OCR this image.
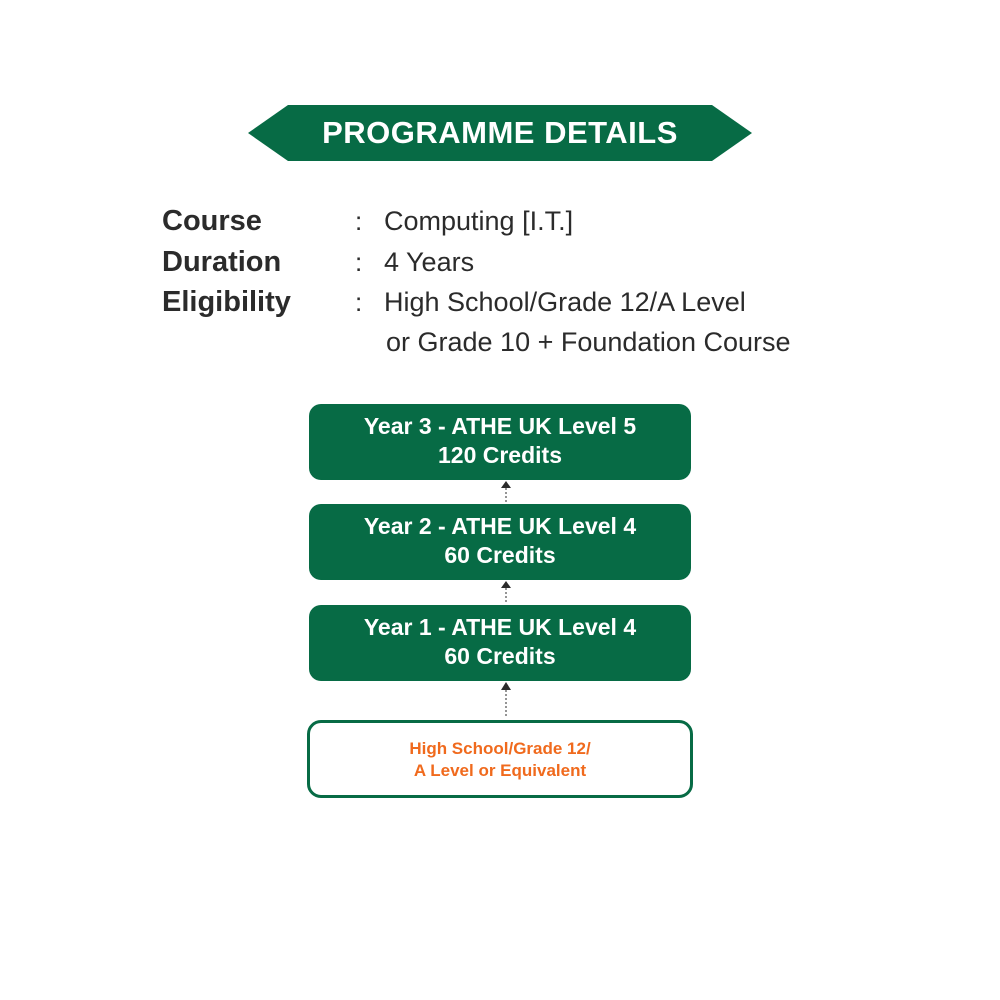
PROGRAMME DETAILS
Course	: Computing [I.T.]
Duration	: 4 Years
Eligibility : High School/Grade 12/A Level
or Grade 10 + Foundation Course
Year 3 - ATHE UK Level 5
120 Credits
Year 2 - ATHE UK Level 4
60 Credits
Year 1 - ATHE UK Level 4
60 Credits
High School/Grade 12/
A Level or Equivalent
